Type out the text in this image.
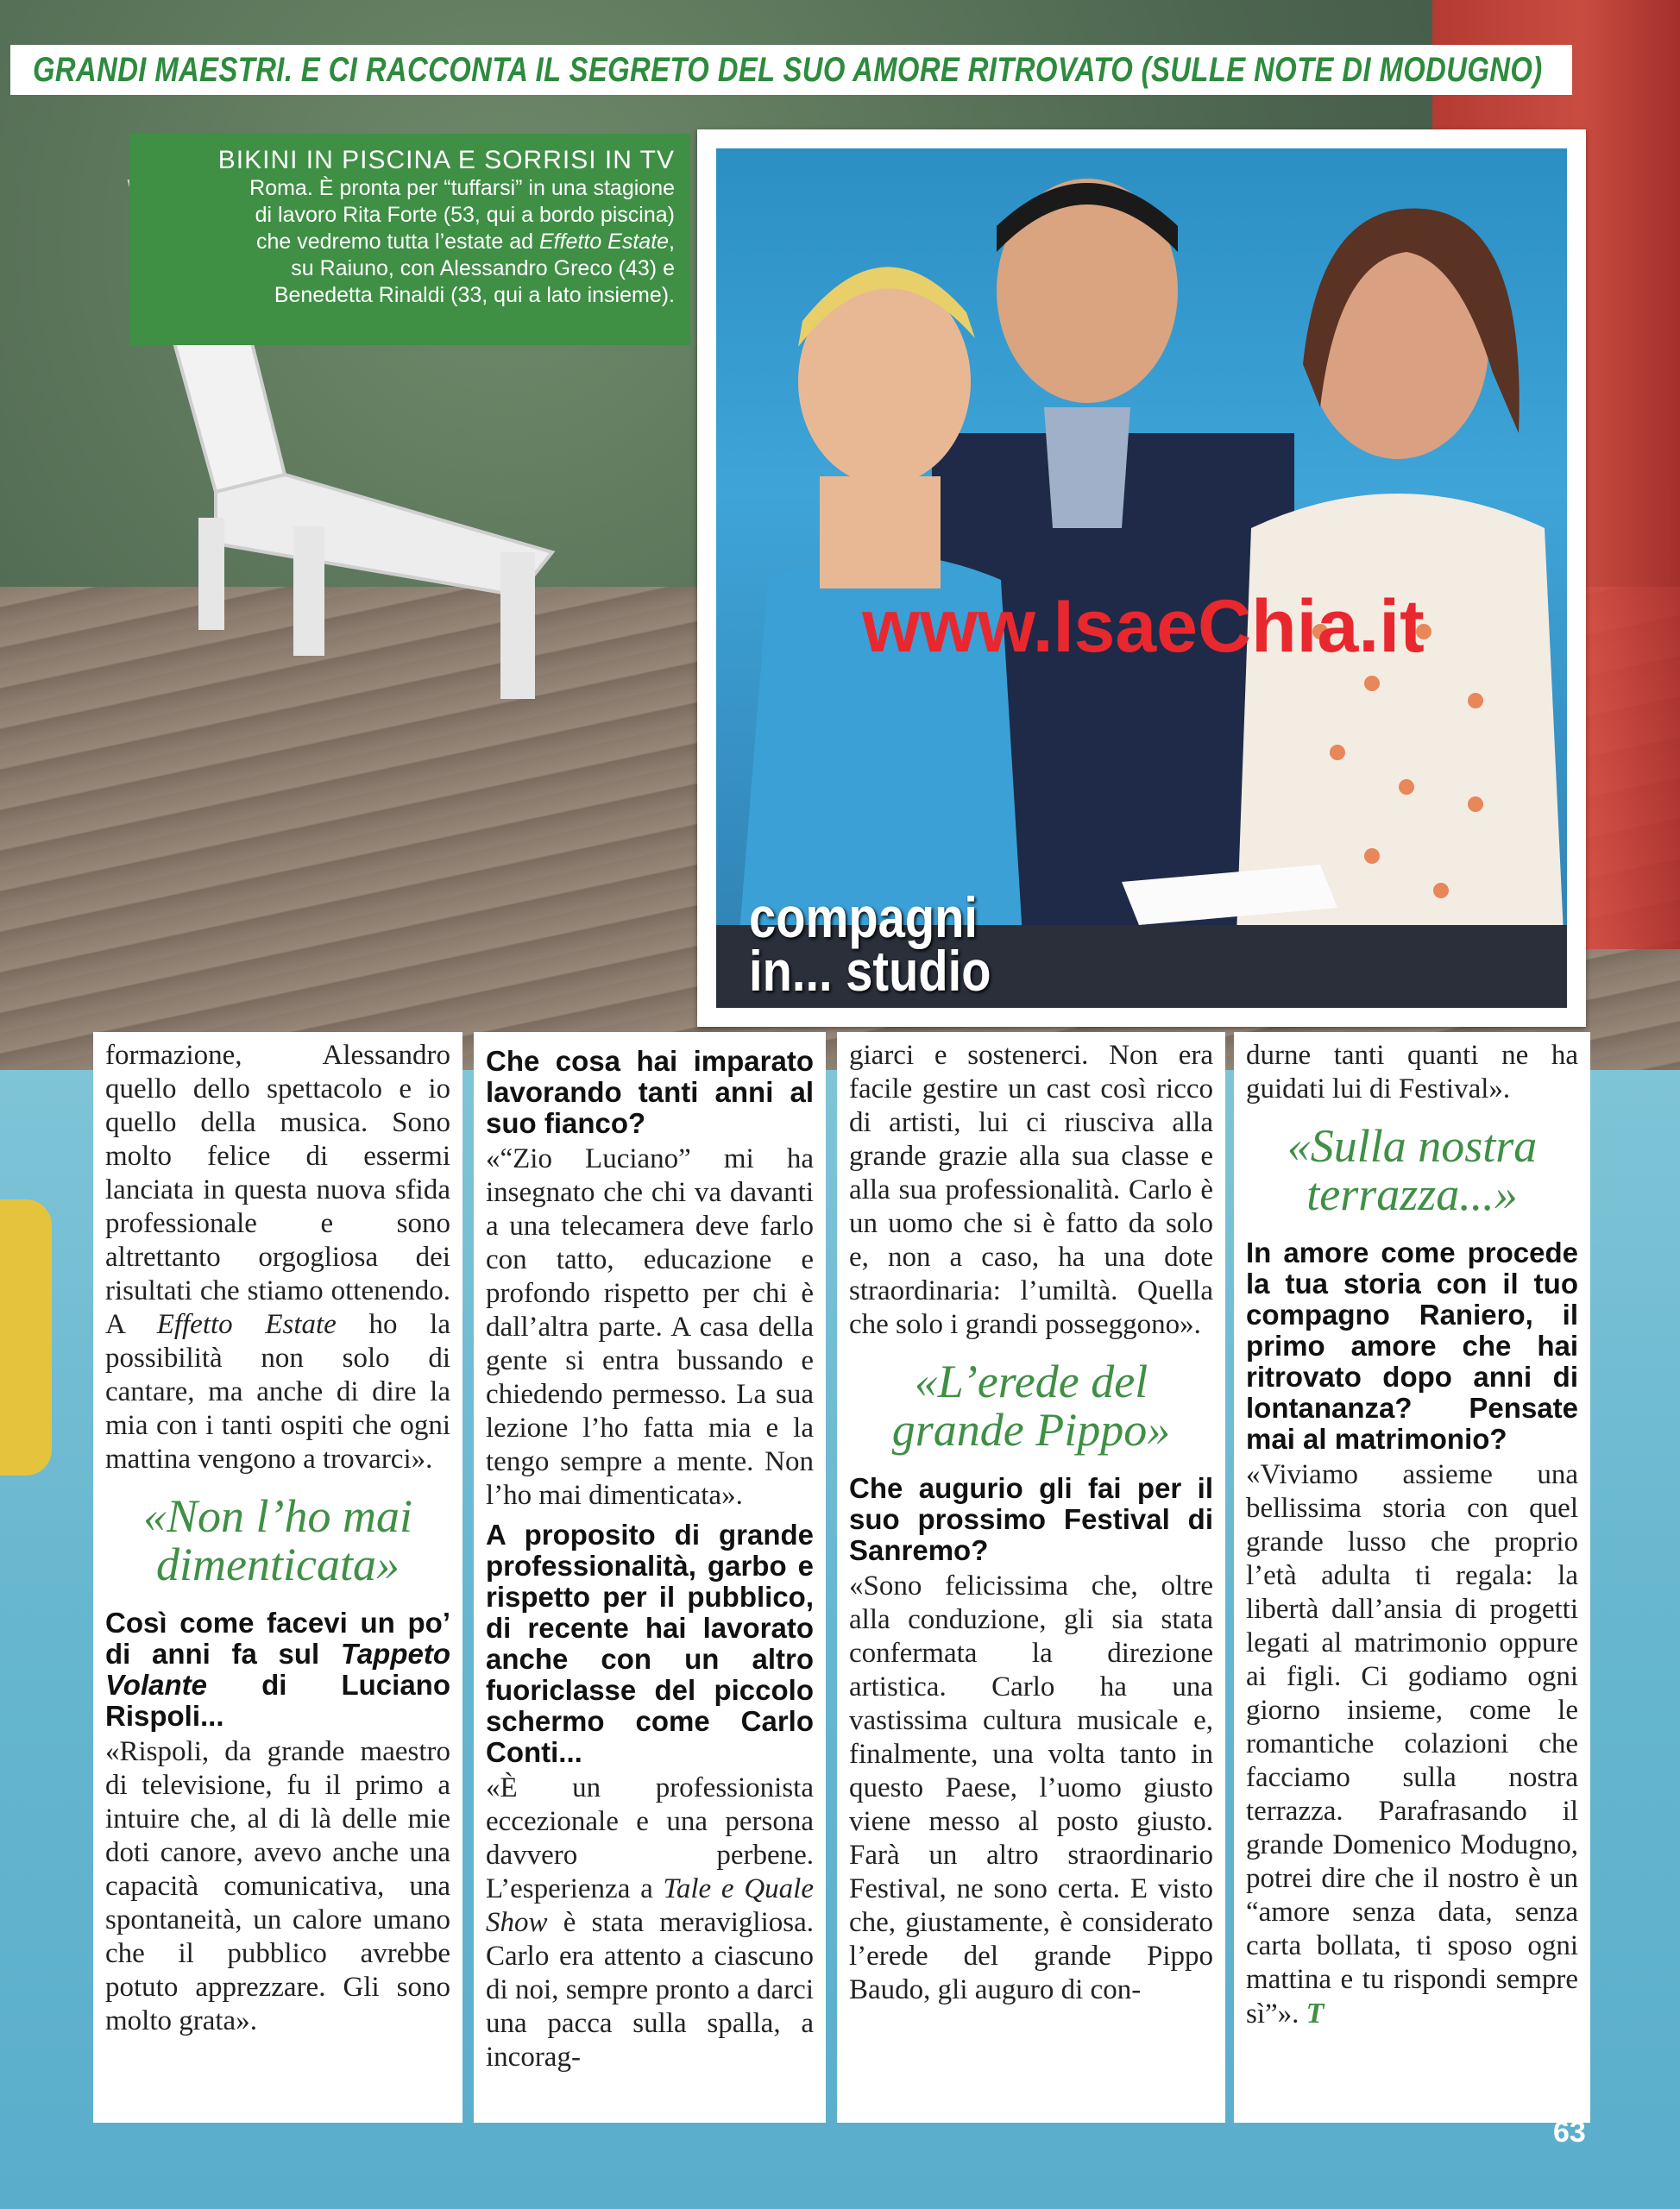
GRANDI MAESTRI. E CI RACCONTA IL SEGRETO DEL SUO AMORE RITROVATO (SULLE NOTE DI MODUGNO)
BIKINI IN PISCINA E SORRISI IN TV
Roma. È pronta per “tuffarsi” in una stagione
di lavoro Rita Forte (53, qui a bordo piscina)
che vedremo tutta l’estate ad Effetto Estate,
su Raiuno, con Alessandro Greco (43) e
Benedetta Rinaldi (33, qui a lato insieme).
www.IsaeChia.it
compagni
in... studio

formazione, Alessandro quello dello spettacolo e io quello della musica. Sono molto felice di essermi lanciata in questa nuova sfida professionale e sono altrettanto orgogliosa dei risultati che stiamo ottenendo. A Effetto Estate ho la possibilità non solo di cantare, ma anche di dire la mia con i tanti ospiti che ogni mattina vengono a trovarci».

«Non l’ho mai dimenticata»

Così come facevi un po’ di anni fa sul Tappeto Volante di Luciano Rispoli...

«Rispoli, da grande maestro di televisione, fu il primo a intuire che, al di là delle mie doti canore, avevo anche una capacità comunicativa, una spontaneità, un calore umano che il pubblico avrebbe potuto apprezzare. Gli sono molto grata».

Che cosa hai imparato lavorando tanti anni al suo fianco?

«“Zio Luciano” mi ha insegnato che chi va davanti a una telecamera deve farlo con tatto, educazione e profondo rispetto per chi è dall’altra parte. A casa della gente si entra bussando e chiedendo permesso. La sua lezione l’ho fatta mia e la tengo sempre a mente. Non l’ho mai dimenticata».

A proposito di grande professionalità, garbo e rispetto per il pubblico, di recente hai lavorato anche con un altro fuoriclasse del piccolo schermo come Carlo Conti...

«È un professionista eccezionale e una persona davvero perbene. L’esperienza a Tale e Quale Show è stata meravigliosa. Carlo era attento a ciascuno di noi, sempre pronto a darci una pacca sulla spalla, a incorag-

giarci e sostenerci. Non era facile gestire un cast così ricco di artisti, lui ci riusciva alla grande grazie alla sua classe e alla sua professionalità. Carlo è un uomo che si è fatto da solo e, non a caso, ha una dote straordinaria: l’umiltà. Quella che solo i grandi posseggono».

«L’erede del grande Pippo»

Che augurio gli fai per il suo prossimo Festival di Sanremo?

«Sono felicissima che, oltre alla conduzione, gli sia stata confermata la direzione artistica. Carlo ha una vastissima cultura musicale e, finalmente, una volta tanto in questo Paese, l’uomo giusto viene messo al posto giusto. Farà un altro straordinario Festival, ne sono certa. E visto che, giustamente, è considerato l’erede del grande Pippo Baudo, gli auguro di con-

durne tanti quanti ne ha guidati lui di Festival».

«Sulla nostra terrazza...»

In amore come procede la tua storia con il tuo compagno Raniero, il primo amore che hai ritrovato dopo anni di lontananza? Pensate mai al matrimonio?

«Viviamo assieme una bellissima storia con quel grande lusso che proprio l’età adulta ti regala: la libertà dall’ansia di progetti legati al matrimonio oppure ai figli. Ci godiamo ogni giorno insieme, come le romantiche colazioni che facciamo sulla nostra terrazza. Parafrasando il grande Domenico Modugno, potrei dire che il nostro è un “amore senza data, senza carta bollata, ti sposo ogni mattina e tu rispondi sempre sì”». T

63
